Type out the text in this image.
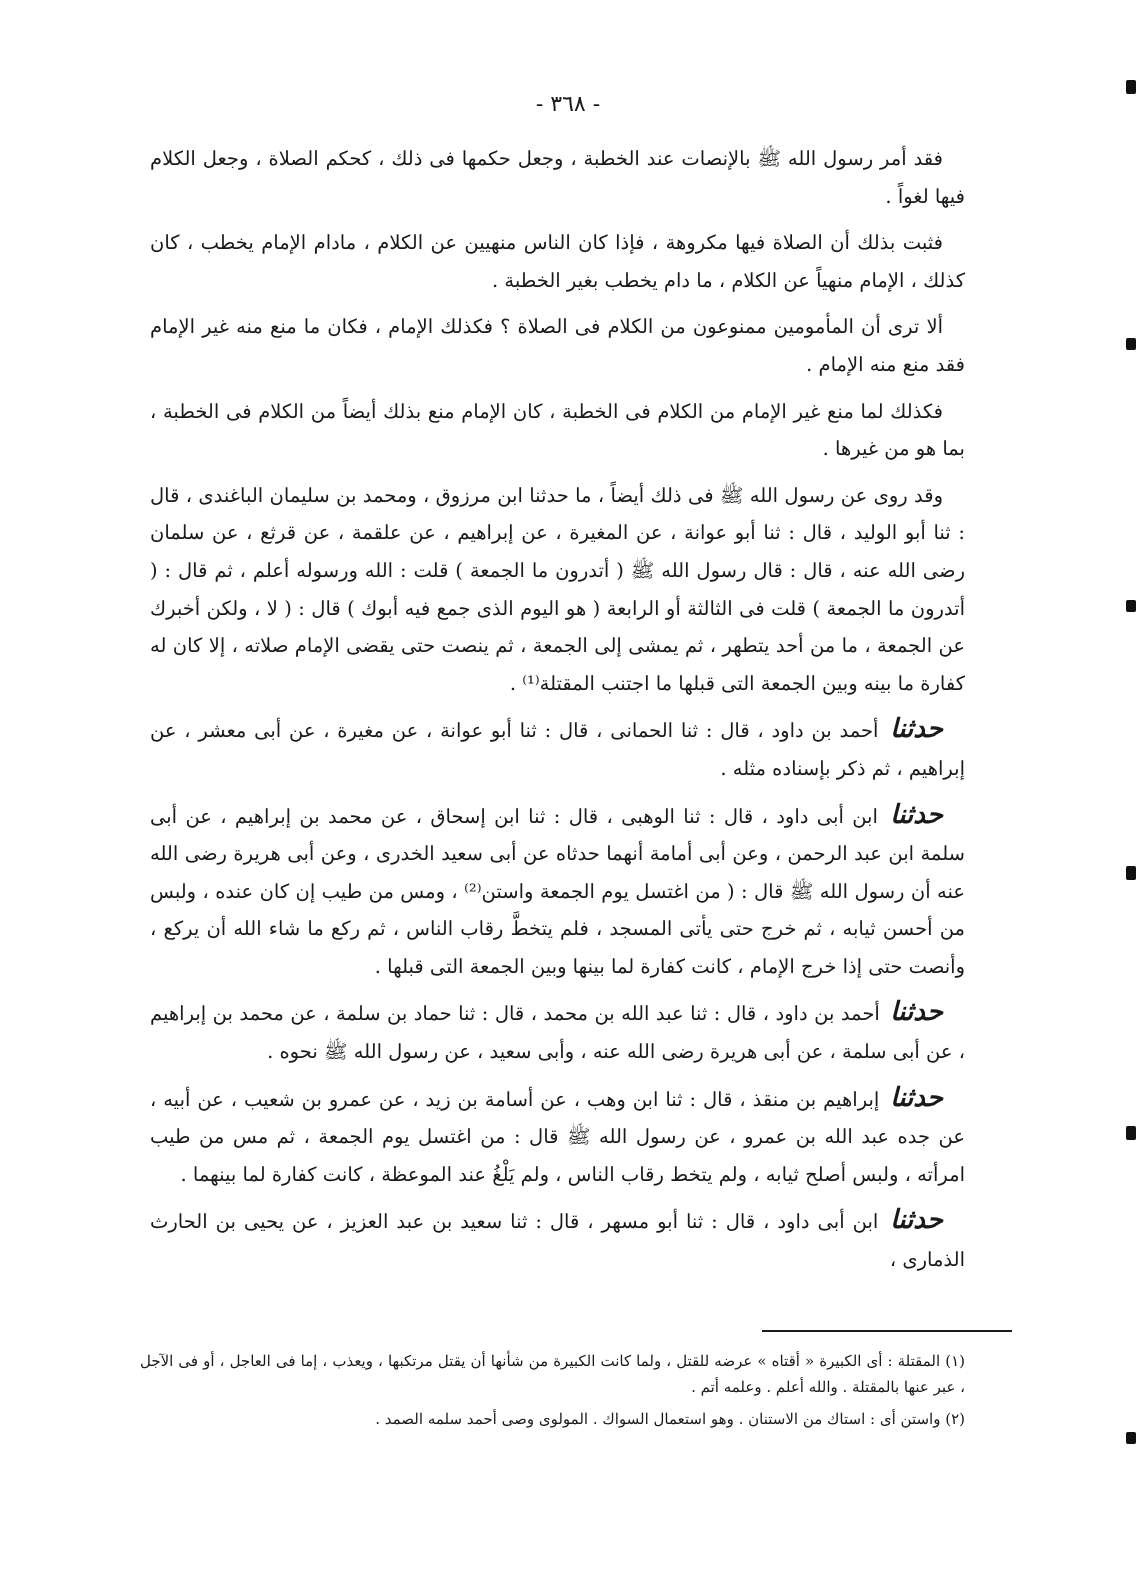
- ٣٦٨ -

فقد أمر رسول الله ﷺ بالإنصات عند الخطبة ، وجعل حكمها فى ذلك ، كحكم الصلاة ، وجعل الكلام فيها لغواً .

فثبت بذلك أن الصلاة فيها مكروهة ، فإذا كان الناس منهيين عن الكلام ، مادام الإمام يخطب ، كان كذلك ، الإمام منهياً عن الكلام ، ما دام يخطب بغير الخطبة .

ألا ترى أن المأمومين ممنوعون من الكلام فى الصلاة ؟ فكذلك الإمام ، فكان ما منع منه غير الإمام فقد منع منه الإمام .

فكذلك لما منع غير الإمام من الكلام فى الخطبة ، كان الإمام منع بذلك أيضاً من الكلام فى الخطبة ، بما هو من غيرها .

وقد روى عن رسول الله ﷺ فى ذلك أيضاً ، ما حدثنا ابن مرزوق ، ومحمد بن سليمان الباغندى ، قال : ثنا أبو الوليد ، قال : ثنا أبو عوانة ، عن المغيرة ، عن إبراهيم ، عن علقمة ، عن قرثع ، عن سلمان رضى الله عنه ، قال : قال رسول الله ﷺ ( أتدرون ما الجمعة ) قلت : الله ورسوله أعلم ، ثم قال : ( أتدرون ما الجمعة ) قلت فى الثالثة أو الرابعة ( هو اليوم الذى جمع فيه أبوك ) قال : ( لا ، ولكن أخبرك عن الجمعة ، ما من أحد يتطهر ، ثم يمشى إلى الجمعة ، ثم ينصت حتى يقضى الإمام صلاته ، إلا كان له كفارة ما بينه وبين الجمعة التى قبلها ما اجتنب المقتلة⁽¹⁾ .

حدثنا أحمد بن داود ، قال : ثنا الحمانى ، قال : ثنا أبو عوانة ، عن مغيرة ، عن أبى معشر ، عن إبراهيم ، ثم ذكر بإسناده مثله .

حدثنا ابن أبى داود ، قال : ثنا الوهبى ، قال : ثنا ابن إسحاق ، عن محمد بن إبراهيم ، عن أبى سلمة ابن عبد الرحمن ، وعن أبى أمامة أنهما حدثاه عن أبى سعيد الخدرى ، وعن أبى هريرة رضى الله عنه أن رسول الله ﷺ قال : ( من اغتسل يوم الجمعة واستن⁽²⁾ ، ومس من طيب إن كان عنده ، ولبس من أحسن ثيابه ، ثم خرج حتى يأتى المسجد ، فلم يتخطَّ رقاب الناس ، ثم ركع ما شاء الله أن يركع ، وأنصت حتى إذا خرج الإمام ، كانت كفارة لما بينها وبين الجمعة التى قبلها .

حدثنا أحمد بن داود ، قال : ثنا عبد الله بن محمد ، قال : ثنا حماد بن سلمة ، عن محمد بن إبراهيم ، عن أبى سلمة ، عن أبى هريرة رضى الله عنه ، وأبى سعيد ، عن رسول الله ﷺ نحوه .

حدثنا إبراهيم بن منقذ ، قال : ثنا ابن وهب ، عن أسامة بن زيد ، عن عمرو بن شعيب ، عن أبيه ، عن جده عبد الله بن عمرو ، عن رسول الله ﷺ قال : من اغتسل يوم الجمعة ، ثم مس من طيب امرأته ، ولبس أصلح ثيابه ، ولم يتخط رقاب الناس ، ولم يَلْغُ عند الموعظة ، كانت كفارة لما بينهما .

حدثنا ابن أبى داود ، قال : ثنا أبو مسهر ، قال : ثنا سعيد بن عبد العزيز ، عن يحيى بن الحارث الذمارى ،

(١) المقتلة : أى الكبيرة « أقتاه » عرضه للقتل ، ولما كانت الكبيرة من شأنها أن يقتل مرتكبها ، ويعذب ، إما فى العاجل ، أو فى الآجل ، عبر عنها بالمقتلة . والله أعلم . وعلمه أتم .

(٢) واستن أى : استاك من الاستنان . وهو استعمال السواك . المولوى وصى أحمد سلمه الصمد .
